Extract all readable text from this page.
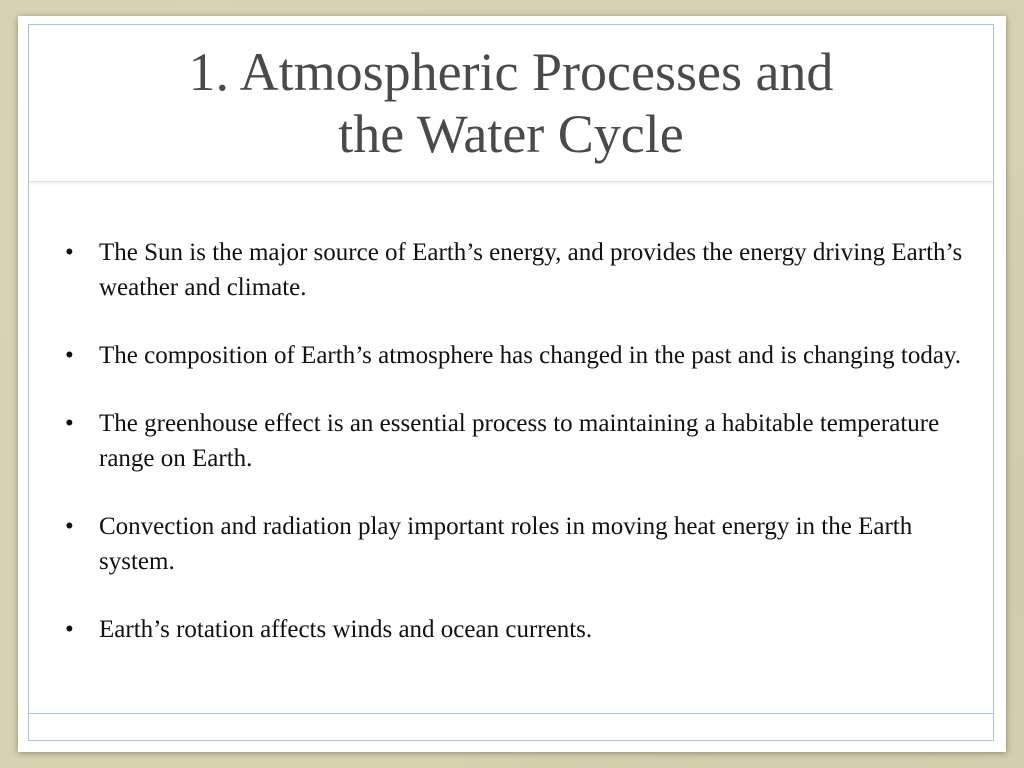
1. Atmospheric Processes and
the Water Cycle
• The Sun is the major source of Earth’s energy, and provides the energy driving Earth’s weather and climate.
• The composition of Earth’s atmosphere has changed in the past and is changing today.
• The greenhouse effect is an essential process to maintaining a habitable temperature range on Earth.
• Convection and radiation play important roles in moving heat energy in the Earth system.
• Earth’s rotation affects winds and ocean currents.
